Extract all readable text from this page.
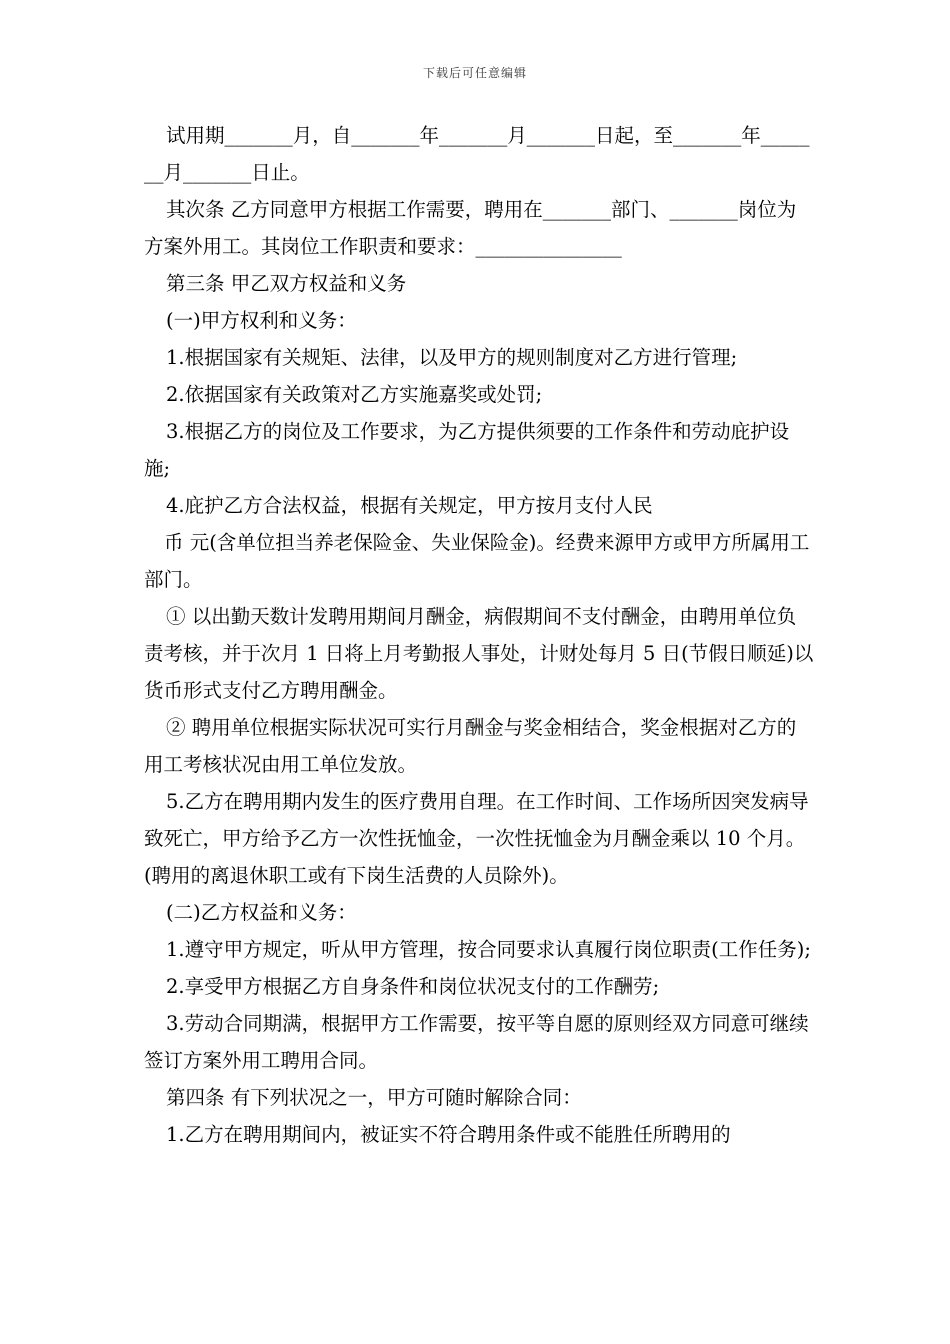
下载后可任意编辑

试用期_______月，自_______年_______月_______日起，至_______年_______月_______日止。

其次条 乙方同意甲方根据工作需要，聘用在_______部门、_______岗位为方案外用工。其岗位工作职责和要求：_______________

第三条 甲乙双方权益和义务

(一)甲方权利和义务：

1.根据国家有关规矩、法律，以及甲方的规则制度对乙方进行管理;

2.依据国家有关政策对乙方实施嘉奖或处罚;

3.根据乙方的岗位及工作要求，为乙方提供须要的工作条件和劳动庇护设施;

4.庇护乙方合法权益，根据有关规定，甲方按月支付人民

币 元(含单位担当养老保险金、失业保险金)。经费来源甲方或甲方所属用工部门。

① 以出勤天数计发聘用期间月酬金，病假期间不支付酬金，由聘用单位负责考核，并于次月 1 日将上月考勤报人事处，计财处每月 5 日(节假日顺延)以货币形式支付乙方聘用酬金。

② 聘用单位根据实际状况可实行月酬金与奖金相结合，奖金根据对乙方的用工考核状况由用工单位发放。

5.乙方在聘用期内发生的医疗费用自理。在工作时间、工作场所因突发病导致死亡，甲方给予乙方一次性抚恤金，一次性抚恤金为月酬金乘以 10 个月。(聘用的离退休职工或有下岗生活费的人员除外)。

(二)乙方权益和义务：

1.遵守甲方规定，听从甲方管理，按合同要求认真履行岗位职责(工作任务);

2.享受甲方根据乙方自身条件和岗位状况支付的工作酬劳;

3.劳动合同期满，根据甲方工作需要，按平等自愿的原则经双方同意可继续签订方案外用工聘用合同。

第四条 有下列状况之一，甲方可随时解除合同：

1.乙方在聘用期间内，被证实不符合聘用条件或不能胜任所聘用的
